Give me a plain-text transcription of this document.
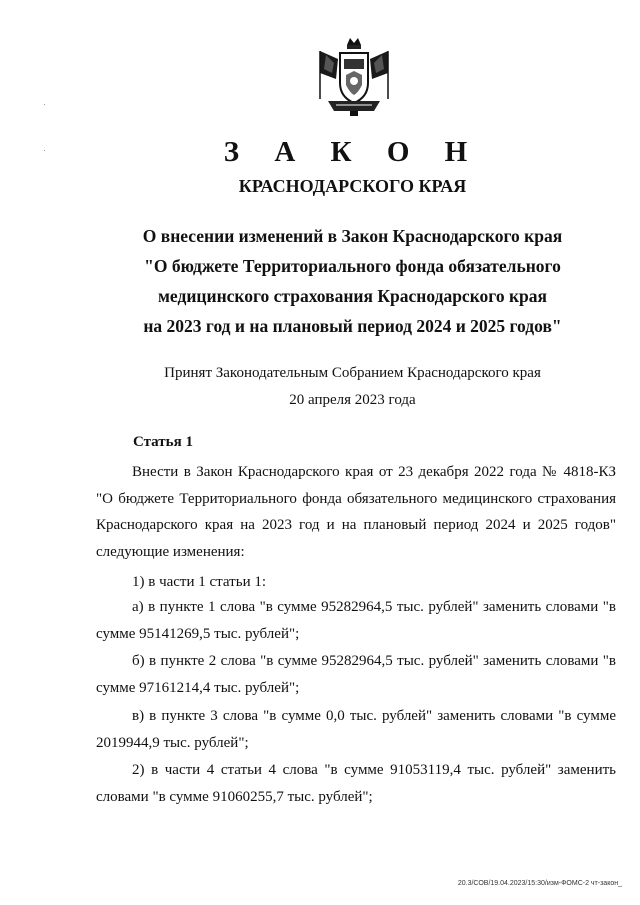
З А К О Н
КРАСНОДАРСКОГО КРАЯ
О внесении изменений в Закон Краснодарского края
"О бюджете Территориального фонда обязательного
медицинского страхования Краснодарского края
на 2023 год и на плановый период 2024 и 2025 годов"
Принят Законодательным Собранием Краснодарского края
20 апреля 2023 года
Статья 1
Внести в Закон Краснодарского края от 23 декабря 2022 года № 4818-КЗ "О бюджете Территориального фонда обязательного медицинского страхования Краснодарского края на 2023 год и на плановый период 2024 и 2025 годов" следующие изменения:
1) в части 1 статьи 1:
а) в пункте 1 слова "в сумме 95282964,5 тыс. рублей" заменить словами "в сумме 95141269,5 тыс. рублей";
б) в пункте 2 слова "в сумме 95282964,5 тыс. рублей" заменить словами "в сумме 97161214,4 тыс. рублей";
в) в пункте 3 слова "в сумме 0,0 тыс. рублей" заменить словами "в сумме 2019944,9 тыс. рублей";
2) в части 4 статьи 4 слова "в сумме 91053119,4 тыс. рублей" заменить словами "в сумме 91060255,7 тыс. рублей";
20.3/СОВ/19.04.2023/15:30/изм-ФОМС-2 чт-закон_
